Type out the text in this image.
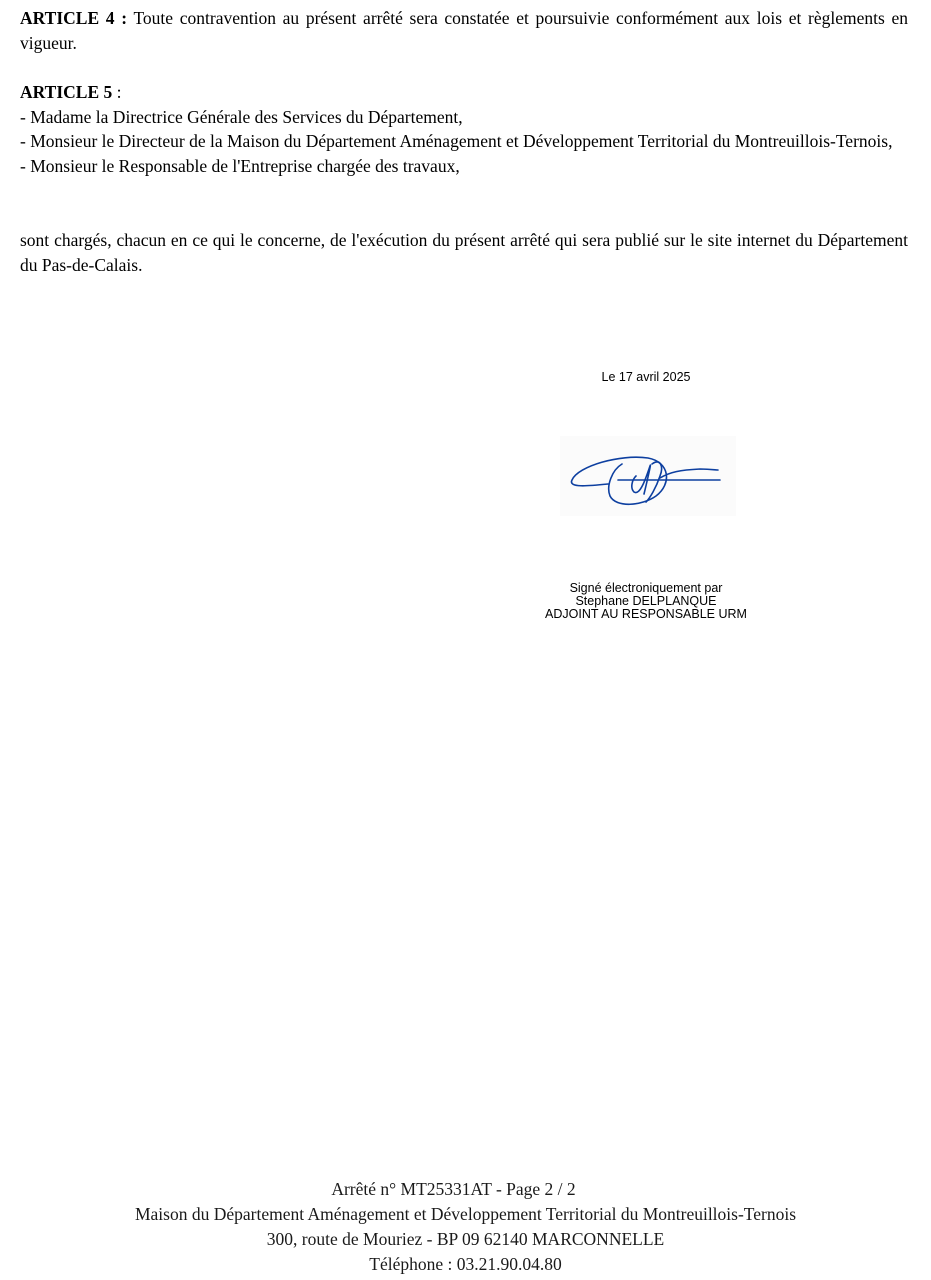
ARTICLE 4 : Toute contravention au présent arrêté sera constatée et poursuivie conformément aux lois et règlements en vigueur.
ARTICLE 5 :
- Madame la Directrice Générale des Services du Département,
- Monsieur le Directeur de la Maison du Département Aménagement et Développement Territorial du Montreuillois-Ternois,
- Monsieur le Responsable de l'Entreprise chargée des travaux,
sont chargés, chacun en ce qui le concerne, de l'exécution du présent arrêté qui sera publié sur le site internet du Département du Pas-de-Calais.
Le 17 avril 2025
Signé électroniquement par
Stephane DELPLANQUE
ADJOINT AU RESPONSABLE URM
Arrêté n° MT25331AT - Page 2 / 2
Maison du Département Aménagement et Développement Territorial du Montreuillois-Ternois
300, route de Mouriez - BP 09 62140 MARCONNELLE
Téléphone : 03.21.90.04.80
